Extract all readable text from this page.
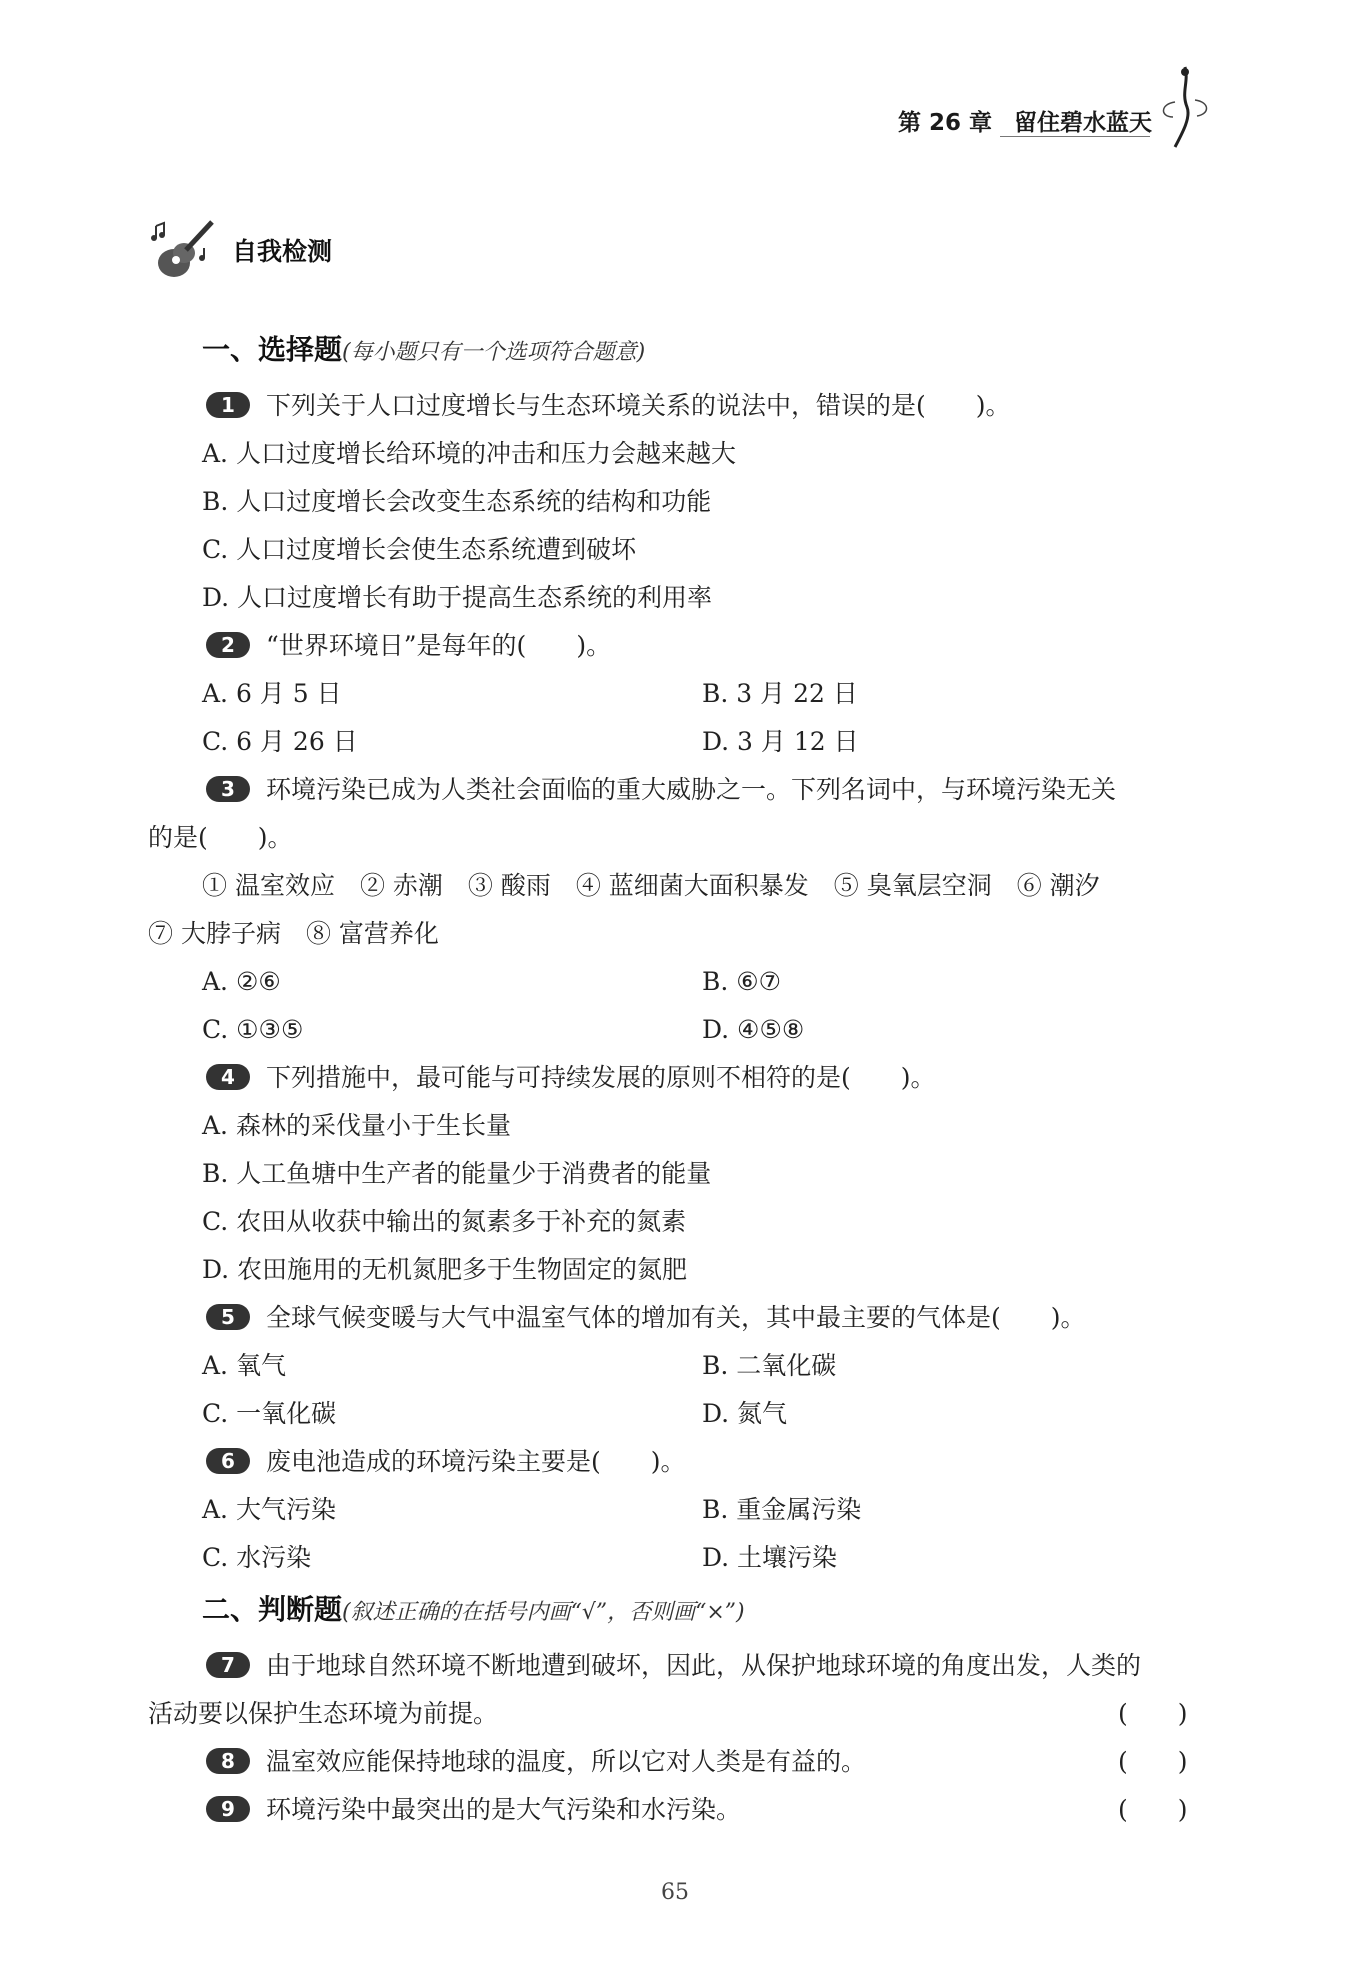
第 26 章 留住碧水蓝天
自我检测
一、选择题(每小题只有一个选项符合题意)
1 下列关于人口过度增长与生态环境关系的说法中，错误的是(　　)。
A. 人口过度增长给环境的冲击和压力会越来越大
B. 人口过度增长会改变生态系统的结构和功能
C. 人口过度增长会使生态系统遭到破坏
D. 人口过度增长有助于提高生态系统的利用率
2 “世界环境日”是每年的(　　)。
A. 6 月 5 日	B. 3 月 22 日
C. 6 月 26 日	D. 3 月 12 日
3 环境污染已成为人类社会面临的重大威胁之一。下列名词中，与环境污染无关
的是(　　)。
① 温室效应　② 赤潮　③ 酸雨　④ 蓝细菌大面积暴发　⑤ 臭氧层空洞　⑥ 潮汐
⑦ 大脖子病　⑧ 富营养化
A. ②⑥	B. ⑥⑦
C. ①③⑤	D. ④⑤⑧
4 下列措施中，最可能与可持续发展的原则不相符的是(　　)。
A. 森林的采伐量小于生长量
B. 人工鱼塘中生产者的能量少于消费者的能量
C. 农田从收获中输出的氮素多于补充的氮素
D. 农田施用的无机氮肥多于生物固定的氮肥
5 全球气候变暖与大气中温室气体的增加有关，其中最主要的气体是(　　)。
A. 氧气	B. 二氧化碳
C. 一氧化碳	D. 氮气
6 废电池造成的环境污染主要是(　　)。
A. 大气污染	B. 重金属污染
C. 水污染	D. 土壤污染
二、判断题(叙述正确的在括号内画“√”，否则画“×”)
7 由于地球自然环境不断地遭到破坏，因此，从保护地球环境的角度出发，人类的
活动要以保护生态环境为前提。	(　　)
8 温室效应能保持地球的温度，所以它对人类是有益的。	(　　)
9 环境污染中最突出的是大气污染和水污染。	(　　)
65
